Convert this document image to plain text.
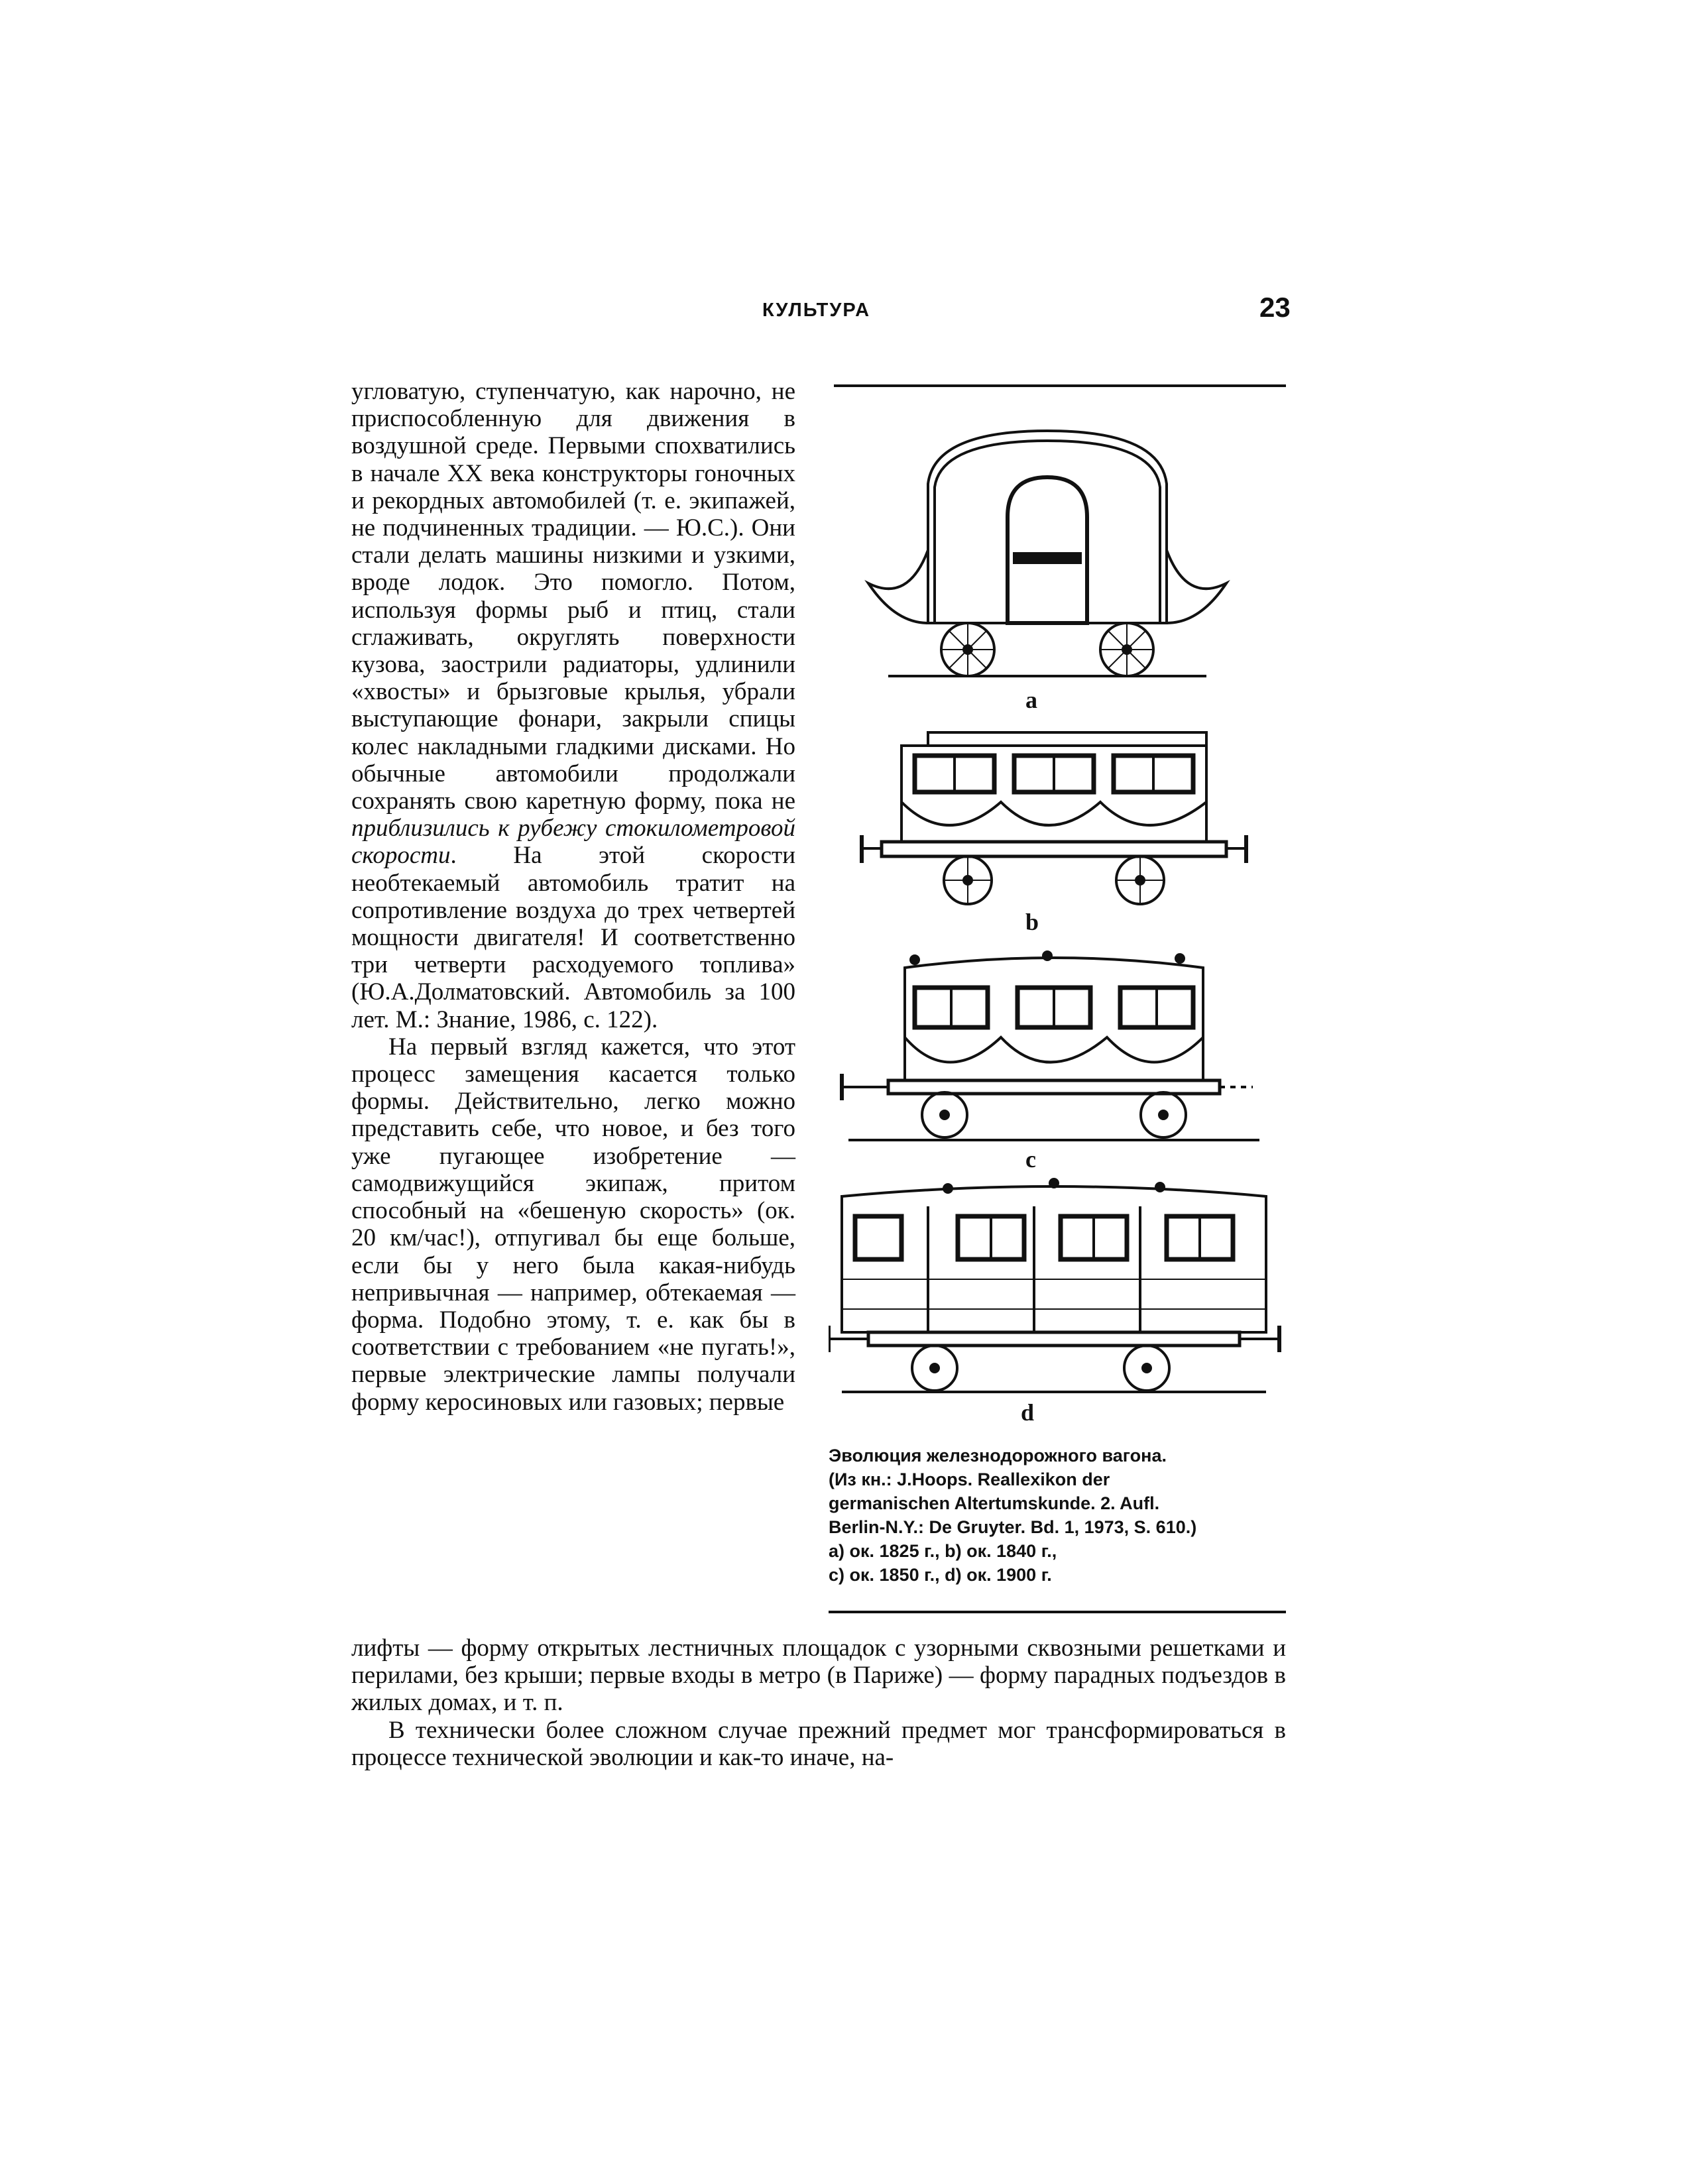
КУЛЬТУРА	23

угловатую, ступенчатую, как нарочно, не приспособленную для движения в воздушной среде. Первыми спохватились в начале XX века конструкторы гоночных и рекордных автомобилей (т. е. экипажей, не подчиненных традиции. — Ю.С.). Они стали делать машины низкими и узкими, вроде лодок. Это помогло. Потом, используя формы рыб и птиц, стали сглаживать, округлять поверхности кузова, заострили радиаторы, удлинили «хвосты» и брызговые крылья, убрали выступающие фонари, закрыли спицы колес накладными гладкими дисками. Но обычные автомобили продолжали сохранять свою каретную форму, пока не приблизились к рубежу стокилометровой скорости. На этой скорости необтекаемый автомобиль тратит на сопротивление воздуха до трех четвертей мощности двигателя! И соответственно три четверти расходуемого топлива» (Ю.А.Долматовский. Автомобиль за 100 лет. М.: Знание, 1986, с. 122).

На первый взгляд кажется, что этот процесс замещения касается только формы. Действительно, легко можно представить себе, что новое, и без того уже пугающее изобретение — самодвижущийся экипаж, притом способный на «бешеную скорость» (ок. 20 км/час!), отпугивал бы еще больше, если бы у него была какая-нибудь непривычная — например, обтекаемая — форма. Подобно этому, т. е. как бы в соответствии с требованием «не пугать!», первые электрические лампы получали форму керосиновых или газовых; первые

лифты — форму открытых лестничных площадок с узорными сквозными решетками и перилами, без крыши; первые входы в метро (в Париже) — форму парадных подъездов в жилых домах, и т. п.

В технически более сложном случае прежний предмет мог трансформироваться в процессе технической эволюции и как-то иначе, на-

a
b
c
d

Эволюция железнодорожного вагона.

(Из кн.: J.Hoops. Reallexikon der

germanischen Altertumskunde. 2. Aufl.

Berlin-N.Y.: De Gruyter. Bd. 1, 1973, S. 610.)

a) ок. 1825 г., b) ок. 1840 г.,

c) ок. 1850 г., d) ок. 1900 г.
